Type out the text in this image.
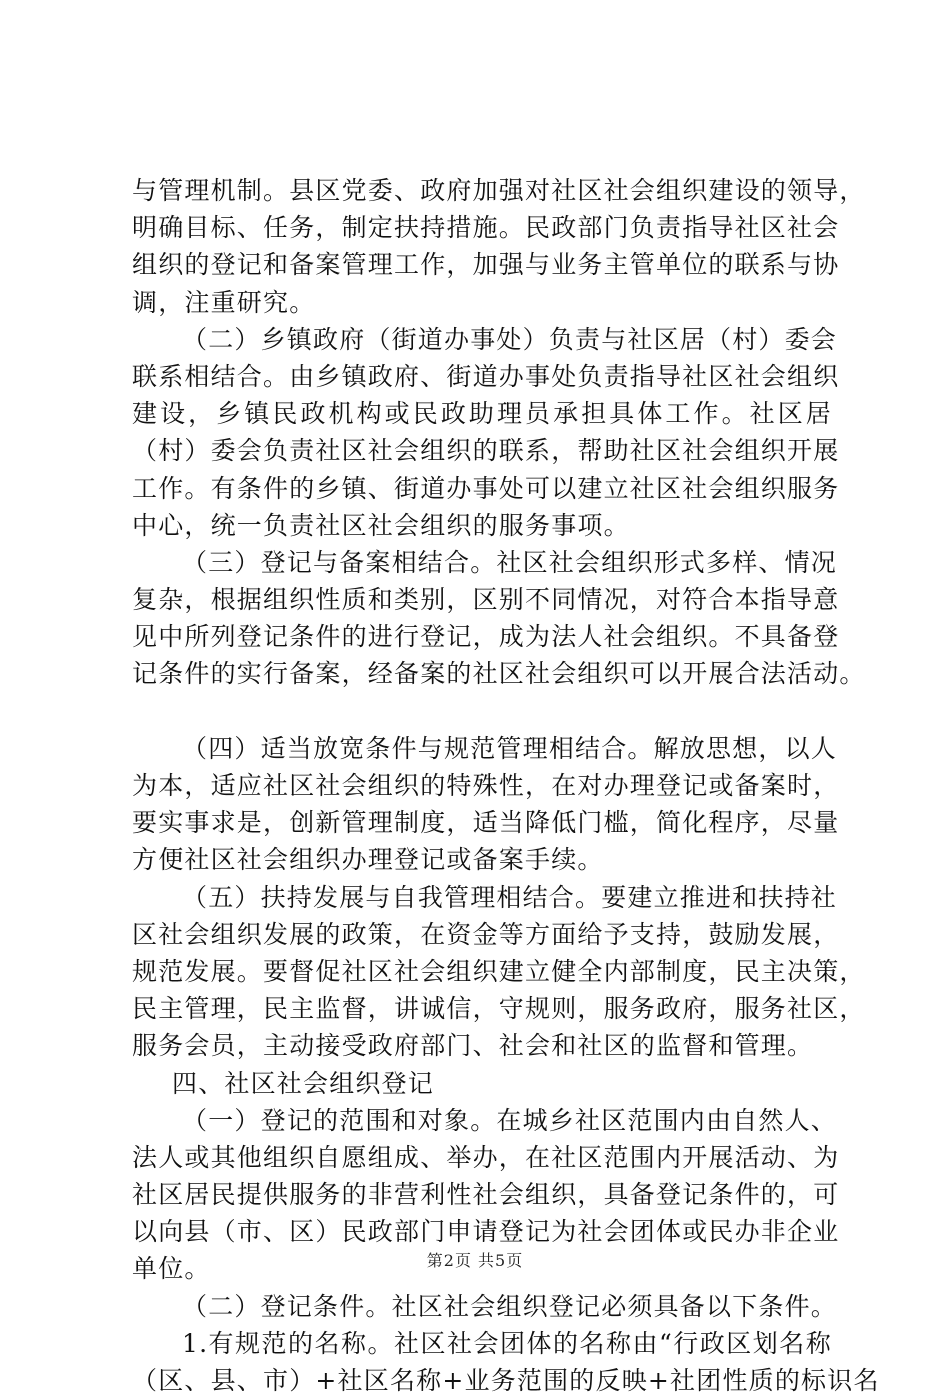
与管理机制。县区党委、政府加强对社区社会组织建设的领导，
明确目标、任务，制定扶持措施。民政部门负责指导社区社会
组织的登记和备案管理工作，加强与业务主管单位的联系与协
调，注重研究。
（二）乡镇政府（街道办事处）负责与社区居（村）委会
联系相结合。由乡镇政府、街道办事处负责指导社区社会组织
建设，乡镇民政机构或民政助理员承担具体工作。社区居
（村）委会负责社区社会组织的联系，帮助社区社会组织开展
工作。有条件的乡镇、街道办事处可以建立社区社会组织服务
中心，统一负责社区社会组织的服务事项。
（三）登记与备案相结合。社区社会组织形式多样、情况
复杂，根据组织性质和类别，区别不同情况，对符合本指导意
见中所列登记条件的进行登记，成为法人社会组织。不具备登
记条件的实行备案，经备案的社区社会组织可以开展合法活动。
（四）适当放宽条件与规范管理相结合。解放思想，以人
为本，适应社区社会组织的特殊性，在对办理登记或备案时，
要实事求是，创新管理制度，适当降低门槛，简化程序，尽量
方便社区社会组织办理登记或备案手续。
（五）扶持发展与自我管理相结合。要建立推进和扶持社
区社会组织发展的政策，在资金等方面给予支持，鼓励发展，
规范发展。要督促社区社会组织建立健全内部制度，民主决策，
民主管理，民主监督，讲诚信，守规则，服务政府，服务社区，
服务会员，主动接受政府部门、社会和社区的监督和管理。
四、社区社会组织登记
（一）登记的范围和对象。在城乡社区范围内由自然人、
法人或其他组织自愿组成、举办，在社区范围内开展活动、为
社区居民提供服务的非营利性社会组织，具备登记条件的，可
以向县（市、区）民政部门申请登记为社会团体或民办非企业
单位。
（二）登记条件。社区社会组织登记必须具备以下条件。
1.有规范的名称。社区社会团体的名称由“行政区划名称
（区、县、市）+社区名称+业务范围的反映+社团性质的标识名
第2页 共5页
